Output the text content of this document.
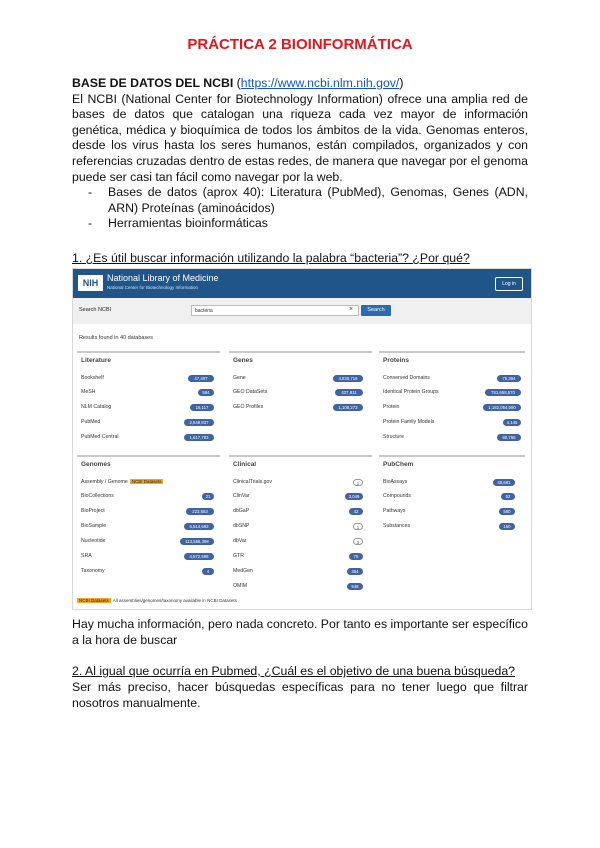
PRÁCTICA 2 BIOINFORMÁTICA
BASE DE DATOS DEL NCBI (https://www.ncbi.nlm.nih.gov/)
El NCBI (National Center for Biotechnology Information) ofrece una amplia red de bases de datos que catalogan una riqueza cada vez mayor de información genética, médica y bioquímica de todos los ámbitos de la vida. Genomas enteros, desde los virus hasta los seres humanos, están compilados, organizados y con referencias cruzadas dentro de estas redes, de manera que navegar por el genoma puede ser casi tan fácil como navegar por la web.
- Bases de datos (aprox 40): Literatura (PubMed), Genomas, Genes (ADN, ARN) Proteínas (aminoácidos)
- Herramientas bioinformáticas
1. ¿Es útil buscar información utilizando la palabra “bacteria”? ¿Por qué?
NIH National Library of Medicine
National Center for Biotechnology Information
Log in
Search NCBI	bacteria	×	Search
Results found in 40 databases
Literature
Bookshelf	47,497
MeSH	584
NLM Catalog	16,117
PubMed	2,548,837
PubMed Central	1,617,783
Genes
Gene	4,835,716
GEO DataSets	437,811
GEO Profiles	1,108,273
Proteins
Conserved Domains	75,394
Identical Protein Groups	791,658,570
Protein	1,182,054,590
Protein Family Models	4,145
Structure	80,765
Genomes
Assembly / Genome NCBI Datasets
BioCollections	21
BioProject	223,553
BioSample	6,514,593
Nucleotide	113,556,398
SRA	4,572,598
Taxonomy	4
Clinical
ClinicalTrials.gov	1
ClinVar	3,049
dbGaP	42
dbSNP	1
dbVar	3
GTR	75
MedGen	364
OMIM	548
PubChem
BioAssays	48,681
Compounds	52
Pathways	580
Substances	150
NCBI Datasets All assemblies/genomes/taxonomy available in NCBI Datasets
Hay mucha información, pero nada concreto. Por tanto es importante ser específico a la hora de buscar
2. Al igual que ocurría en Pubmed, ¿Cuál es el objetivo de una buena búsqueda?
Ser más preciso, hacer búsquedas específicas para no tener luego que filtrar nosotros manualmente.
